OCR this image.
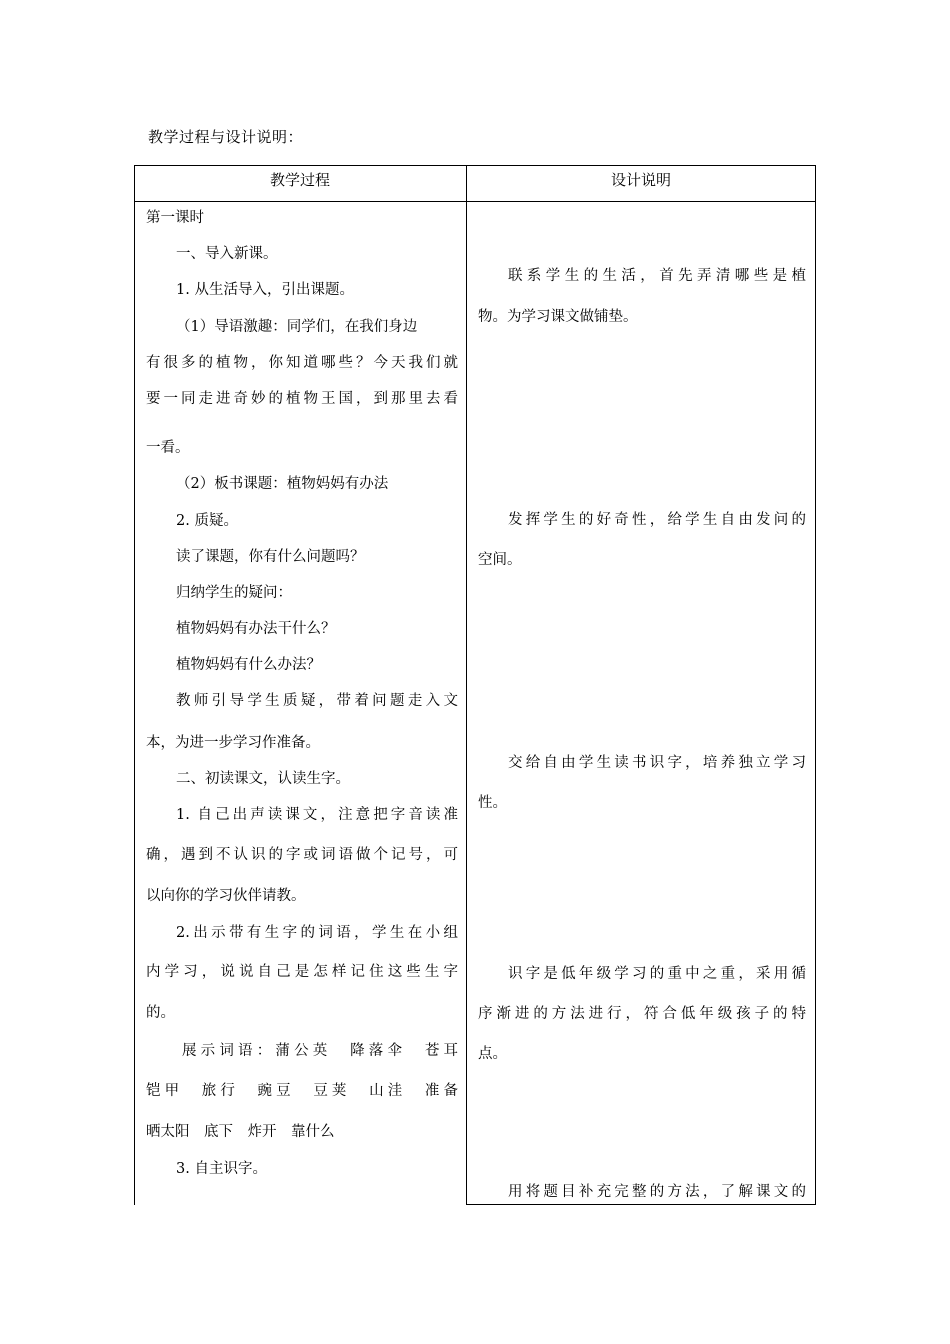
教学过程与设计说明：
教学过程	设计说明
第一课时
一、导入新课。
1. 从生活导入，引出课题。
（1）导语激趣：同学们，在我们身边
有很多的植物，你知道哪些？今天我们就
要一同走进奇妙的植物王国，到那里去看
一看。
（2）板书课题：植物妈妈有办法
2. 质疑。
读了课题，你有什么问题吗？
归纳学生的疑问：
植物妈妈有办法干什么？
植物妈妈有什么办法？
教师引导学生质疑，带着问题走入文
本，为进一步学习作准备。
二、初读课文，认读生字。
1. 自己出声读课文，注意把字音读准
确，遇到不认识的字或词语做个记号，可
以向你的学习伙伴请教。
2.出示带有生字的词语，学生在小组
内学习，说说自己是怎样记住这些生字
的。
展示词语：蒲公英　降落伞　苍耳
铠甲　旅行　豌豆　豆荚　山洼　准备
晒太阳　底下　炸开　靠什么
3. 自主识字。
联系学生的生活，首先弄清哪些是植
物。为学习课文做铺垫。
发挥学生的好奇性，给学生自由发问的
空间。
交给自由学生读书识字，培养独立学习
性。
识字是低年级学习的重中之重，采用循
序渐进的方法进行，符合低年级孩子的特
点。
用将题目补充完整的方法，了解课文的
